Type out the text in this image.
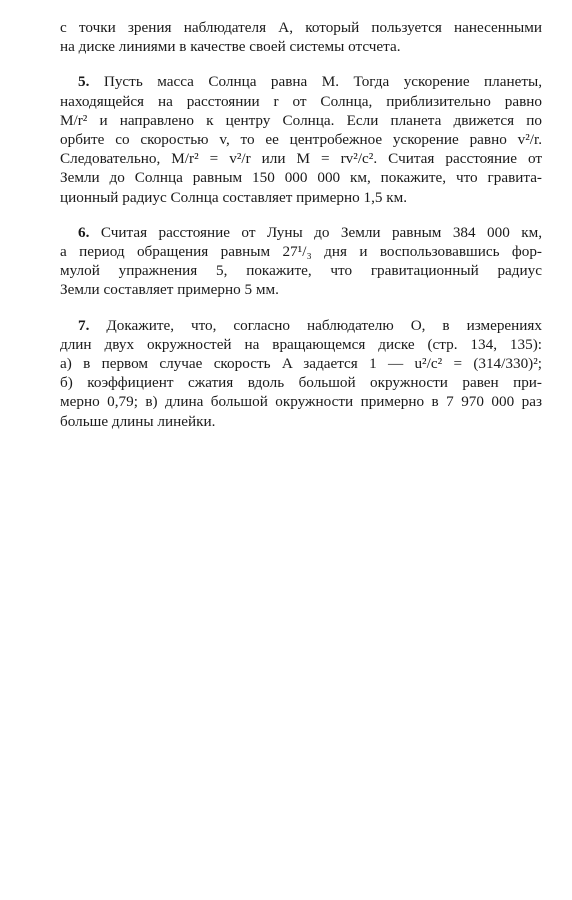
с точки зрения наблюдателя A, который пользуется нанесенными
на диске линиями в качестве своей системы отсчета.
5. Пусть масса Солнца равна M. Тогда ускорение планеты,
находящейся на расстоянии r от Солнца, приблизительно равно
M/r² и направлено к центру Солнца. Если планета движется по
орбите со скоростью v, то ее центробежное ускорение равно v²/r.
Следовательно, M/r² = v²/r или M = rv²/c². Считая расстояние от
Земли до Солнца равным 150 000 000 км, покажите, что гравита-
ционный радиус Солнца составляет примерно 1,5 км.
6. Считая расстояние от Луны до Земли равным 384 000 км,
а период обращения равным 27¹/₃ дня и воспользовавшись фор-
мулой упражнения 5, покажите, что гравитационный радиус
Земли составляет примерно 5 мм.
7. Докажите, что, согласно наблюдателю O, в измерениях
длин двух окружностей на вращающемся диске (стр. 134, 135):
а) в первом случае скорость A задается 1 — u²/c² = (314/330)²;
б) коэффициент сжатия вдоль большой окружности равен при-
мерно 0,79; в) длина большой окружности примерно в 7 970 000 раз
больше длины линейки.
